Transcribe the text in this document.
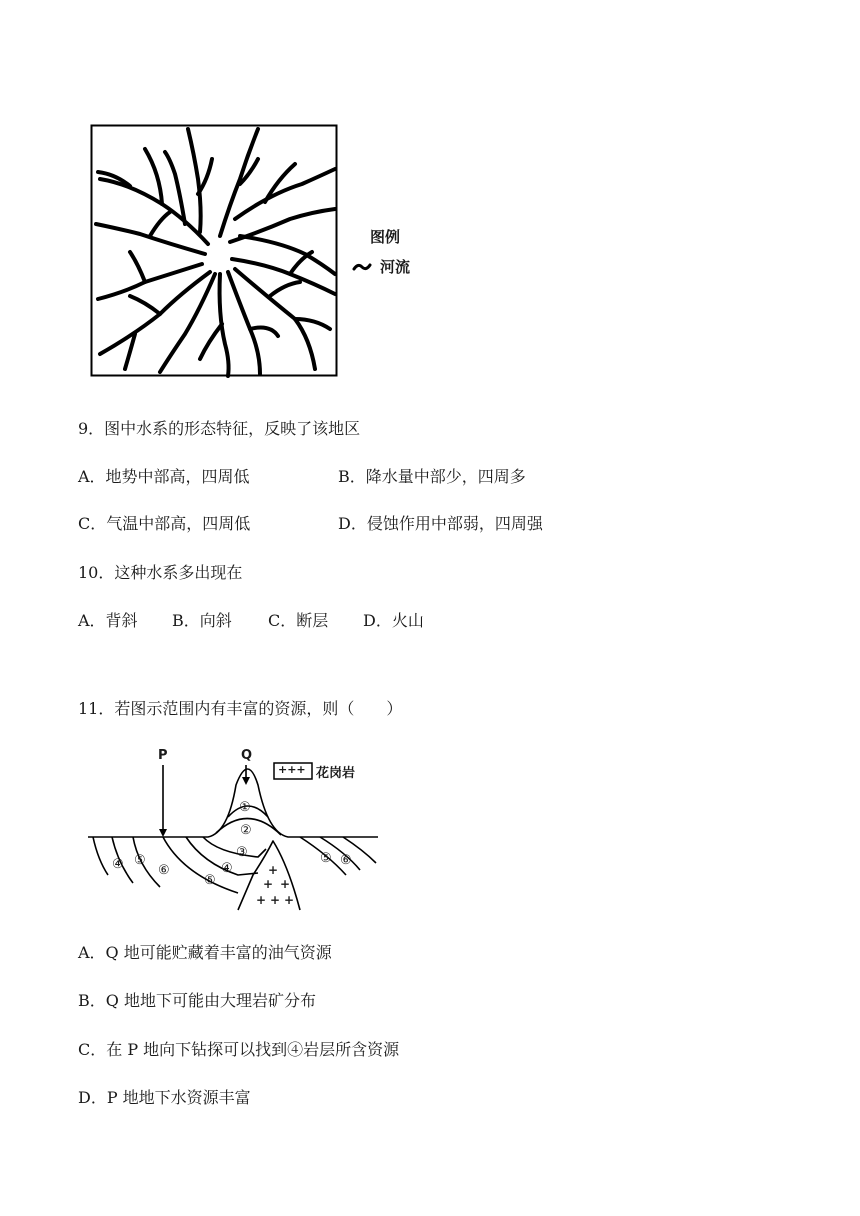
图例
河流
9．图中水系的形态特征，反映了该地区
A．地势中部高，四周低	B．降水量中部少，四周多
C．气温中部高，四周低	D．侵蚀作用中部弱，四周强
10．这种水系多出现在
A．背斜 B．向斜 C．断层 D．火山
11．若图示范围内有丰富的资源，则（　　）
P	Q
+++ 花岗岩
①
②
③
④
⑤
④ ⑤
⑥
⑤ ⑥
+
+ +
+ + +
A．Q 地可能贮藏着丰富的油气资源
B．Q 地地下可能由大理岩矿分布
C．在 P 地向下钻探可以找到④岩层所含资源
D．P 地地下水资源丰富
